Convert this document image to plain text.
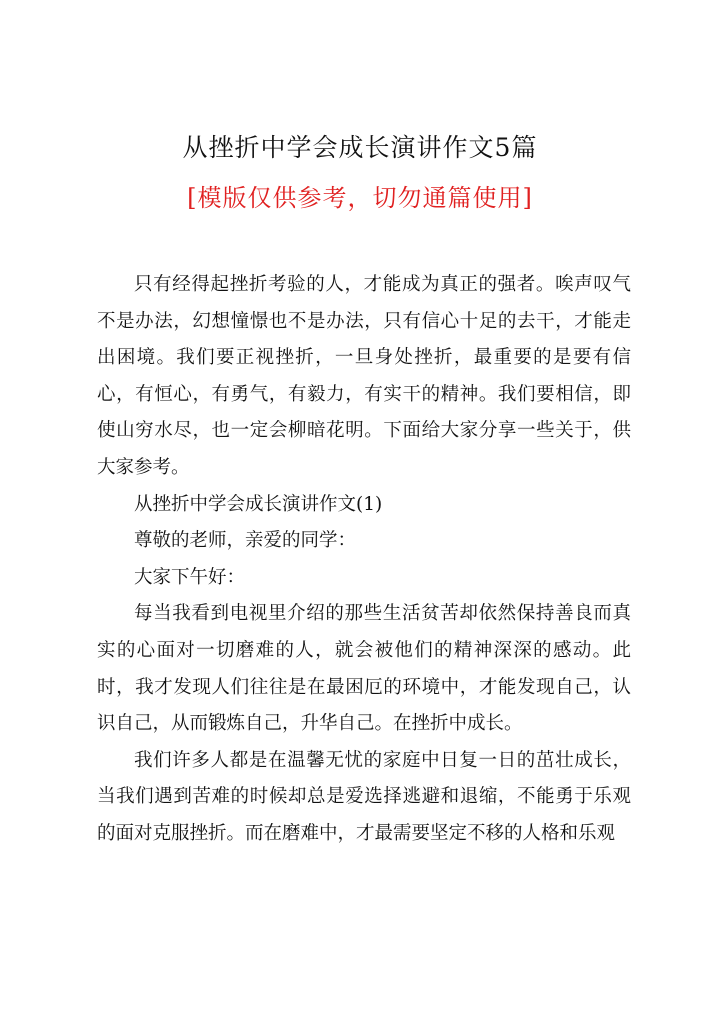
从挫折中学会成长演讲作文5篇
[模版仅供参考，切勿通篇使用]

只有经得起挫折考验的人，才能成为真正的强者。唉声叹气不是办法，幻想憧憬也不是办法，只有信心十足的去干，才能走出困境。我们要正视挫折，一旦身处挫折，最重要的是要有信心，有恒心，有勇气，有毅力，有实干的精神。我们要相信，即使山穷水尽，也一定会柳暗花明。下面给大家分享一些关于，供大家参考。

从挫折中学会成长演讲作文(1)

尊敬的老师，亲爱的同学：

大家下午好：

每当我看到电视里介绍的那些生活贫苦却依然保持善良而真实的心面对一切磨难的人，就会被他们的精神深深的感动。此时，我才发现人们往往是在最困厄的环境中，才能发现自己，认识自己，从而锻炼自己，升华自己。在挫折中成长。

我们许多人都是在温馨无忧的家庭中日复一日的茁壮成长，当我们遇到苦难的时候却总是爱选择逃避和退缩，不能勇于乐观的面对克服挫折。而在磨难中，才最需要坚定不移的人格和乐观
